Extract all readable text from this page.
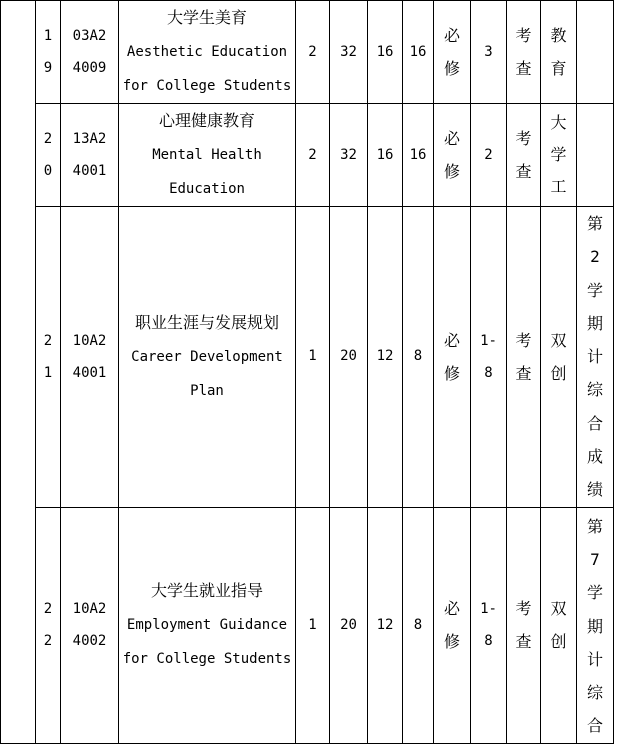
	19	03A24009	大学生美育
Aesthetic Education for College Students	2	32	16	16	必修	3	考查	教育	

	20	13A24001	心理健康教育
Mental Health Education	2	32	16	16	必修	2	考查	大学工	

	21	10A24001	职业生涯与发展规划
Career Development Plan	1	20	12	8	必修	1-8	考查	双创	第2学期计综合成绩

	22	10A24002	大学生就业指导
Employment Guidance for College Students	1	20	12	8	必修	1-8	考查	双创	第7学期计综合
